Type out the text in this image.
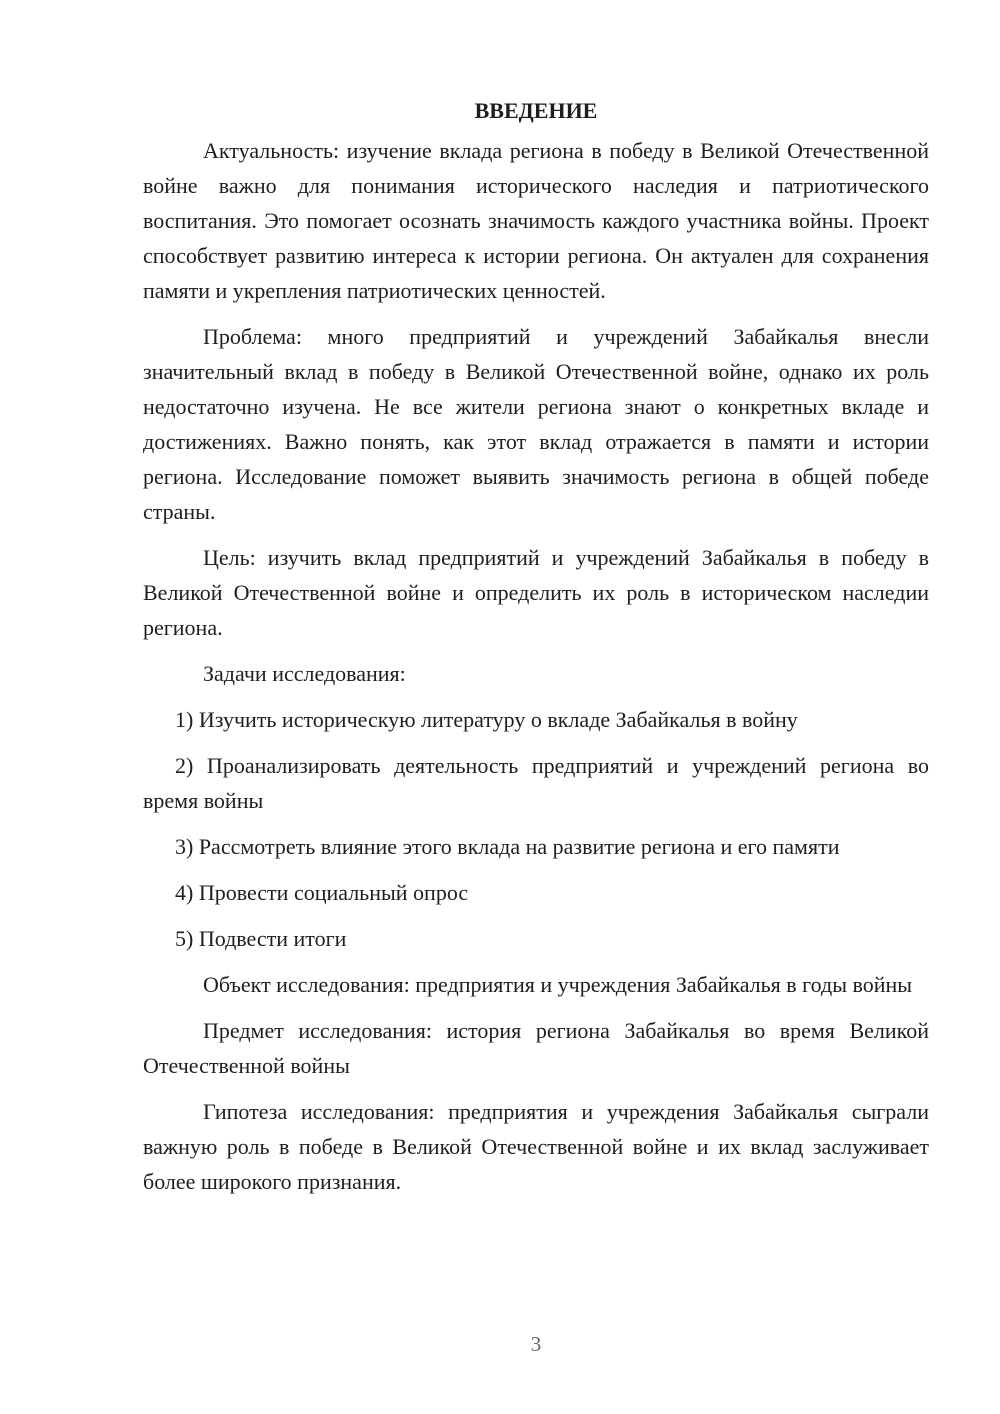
ВВЕДЕНИЕ

Актуальность: изучение вклада региона в победу в Великой Отечественной войне важно для понимания исторического наследия и патриотического воспитания. Это помогает осознать значимость каждого участника войны. Проект способствует развитию интереса к истории региона. Он актуален для сохранения памяти и укрепления патриотических ценностей.

Проблема: много предприятий и учреждений Забайкалья внесли значительный вклад в победу в Великой Отечественной войне, однако их роль недостаточно изучена. Не все жители региона знают о конкретных вкладе и достижениях. Важно понять, как этот вклад отражается в памяти и истории региона. Исследование поможет выявить значимость региона в общей победе страны.

Цель: изучить вклад предприятий и учреждений Забайкалья в победу в Великой Отечественной войне и определить их роль в историческом наследии региона.

Задачи исследования:

1) Изучить историческую литературу о вкладе Забайкалья в войну

2) Проанализировать деятельность предприятий и учреждений региона во время войны

3) Рассмотреть влияние этого вклада на развитие региона и его памяти

4) Провести социальный опрос

5) Подвести итоги

Объект исследования: предприятия и учреждения Забайкалья в годы войны

Предмет исследования: история региона Забайкалья во время Великой Отечественной войны

Гипотеза исследования: предприятия и учреждения Забайкалья сыграли важную роль в победе в Великой Отечественной войне и их вклад заслуживает более широкого признания.

3
